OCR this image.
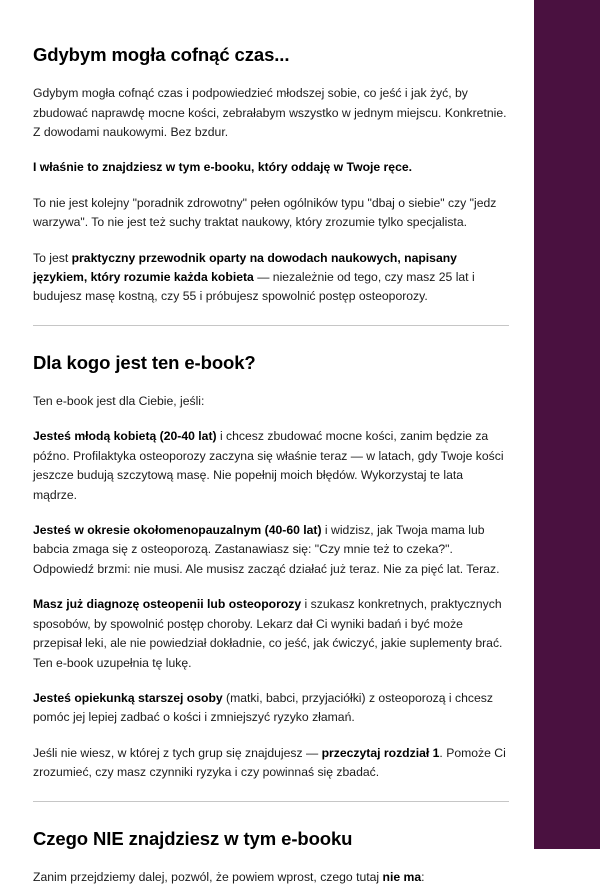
Gdybym mogła cofnąć czas...

Gdybym mogła cofnąć czas i podpowiedzieć młodszej sobie, co jeść i jak żyć, by zbudować naprawdę mocne kości, zebrałabym wszystko w jednym miejscu. Konkretnie. Z dowodami naukowymi. Bez bzdur.

I właśnie to znajdziesz w tym e-booku, który oddaję w Twoje ręce.

To nie jest kolejny "poradnik zdrowotny" pełen ogólników typu "dbaj o siebie" czy "jedz warzywa". To nie jest też suchy traktat naukowy, który zrozumie tylko specjalista.

To jest praktyczny przewodnik oparty na dowodach naukowych, napisany językiem, który rozumie każda kobieta — niezależnie od tego, czy masz 25 lat i budujesz masę kostną, czy 55 i próbujesz spowolnić postęp osteoporozy.

Dla kogo jest ten e-book?

Ten e-book jest dla Ciebie, jeśli:

Jesteś młodą kobietą (20-40 lat) i chcesz zbudować mocne kości, zanim będzie za późno. Profilaktyka osteoporozy zaczyna się właśnie teraz — w latach, gdy Twoje kości jeszcze budują szczytową masę. Nie popełnij moich błędów. Wykorzystaj te lata mądrze.

Jesteś w okresie okołomenopauzalnym (40-60 lat) i widzisz, jak Twoja mama lub babcia zmaga się z osteoporozą. Zastanawiasz się: "Czy mnie też to czeka?". Odpowiedź brzmi: nie musi. Ale musisz zacząć działać już teraz. Nie za pięć lat. Teraz.

Masz już diagnozę osteopenii lub osteoporozy i szukasz konkretnych, praktycznych sposobów, by spowolnić postęp choroby. Lekarz dał Ci wyniki badań i być może przepisał leki, ale nie powiedział dokładnie, co jeść, jak ćwiczyć, jakie suplementy brać. Ten e-book uzupełnia tę lukę.

Jesteś opiekunką starszej osoby (matki, babci, przyjaciółki) z osteoporozą i chcesz pomóc jej lepiej zadbać o kości i zmniejszyć ryzyko złamań.

Jeśli nie wiesz, w której z tych grup się znajdujesz — przeczytaj rozdział 1. Pomoże Ci zrozumieć, czy masz czynniki ryzyka i czy powinnaś się zbadać.

Czego NIE znajdziesz w tym e-booku

Zanim przejdziemy dalej, pozwól, że powiem wprost, czego tutaj nie ma:
